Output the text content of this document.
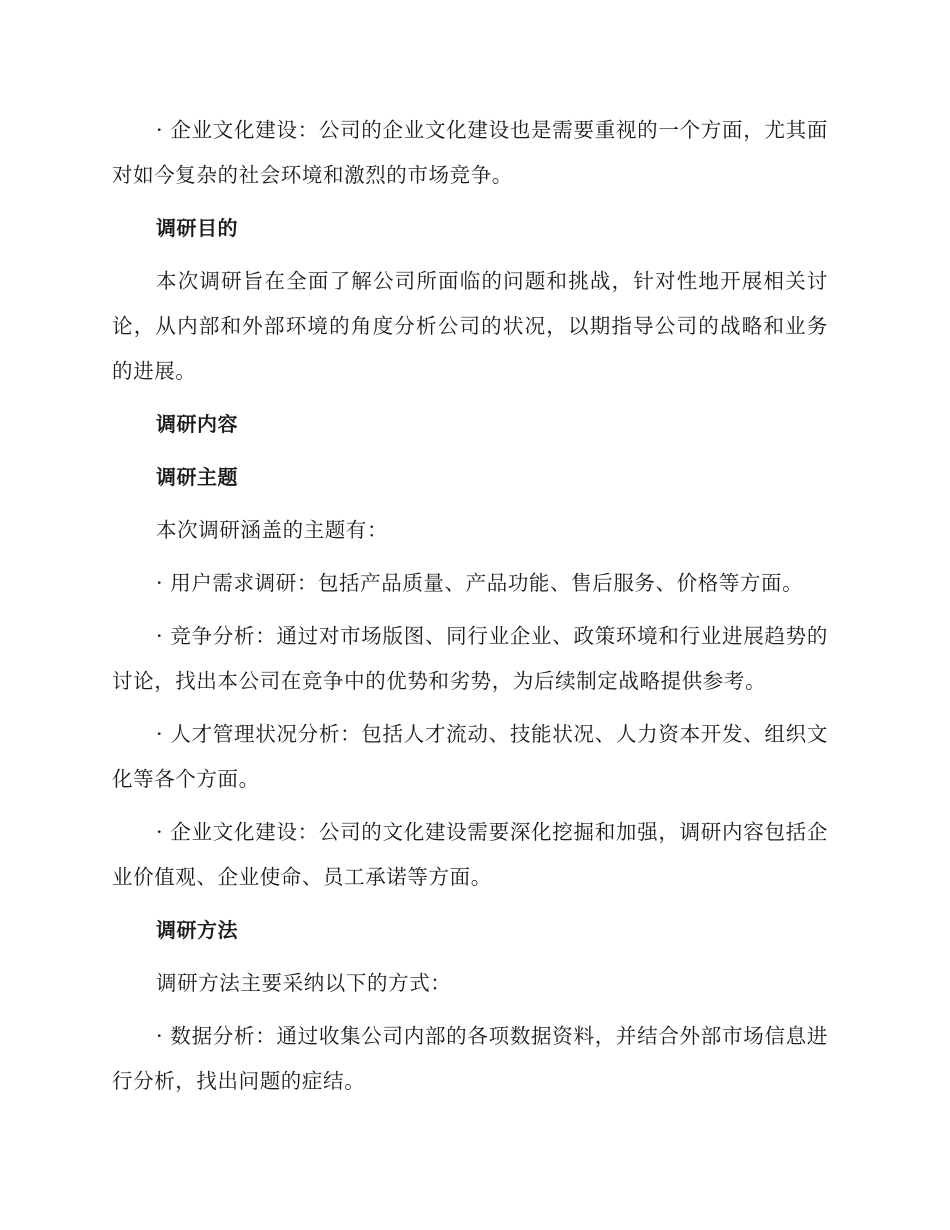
· 企业文化建设：公司的企业文化建设也是需要重视的一个方面，尤其面对如今复杂的社会环境和激烈的市场竞争。

调研目的

本次调研旨在全面了解公司所面临的问题和挑战，针对性地开展相关讨论，从内部和外部环境的角度分析公司的状况，以期指导公司的战略和业务的进展。

调研内容

调研主题

本次调研涵盖的主题有：

· 用户需求调研：包括产品质量、产品功能、售后服务、价格等方面。

· 竞争分析：通过对市场版图、同行业企业、政策环境和行业进展趋势的讨论，找出本公司在竞争中的优势和劣势，为后续制定战略提供参考。

· 人才管理状况分析：包括人才流动、技能状况、人力资本开发、组织文化等各个方面。

· 企业文化建设：公司的文化建设需要深化挖掘和加强，调研内容包括企业价值观、企业使命、员工承诺等方面。

调研方法

调研方法主要采纳以下的方式：

· 数据分析：通过收集公司内部的各项数据资料，并结合外部市场信息进行分析，找出问题的症结。
